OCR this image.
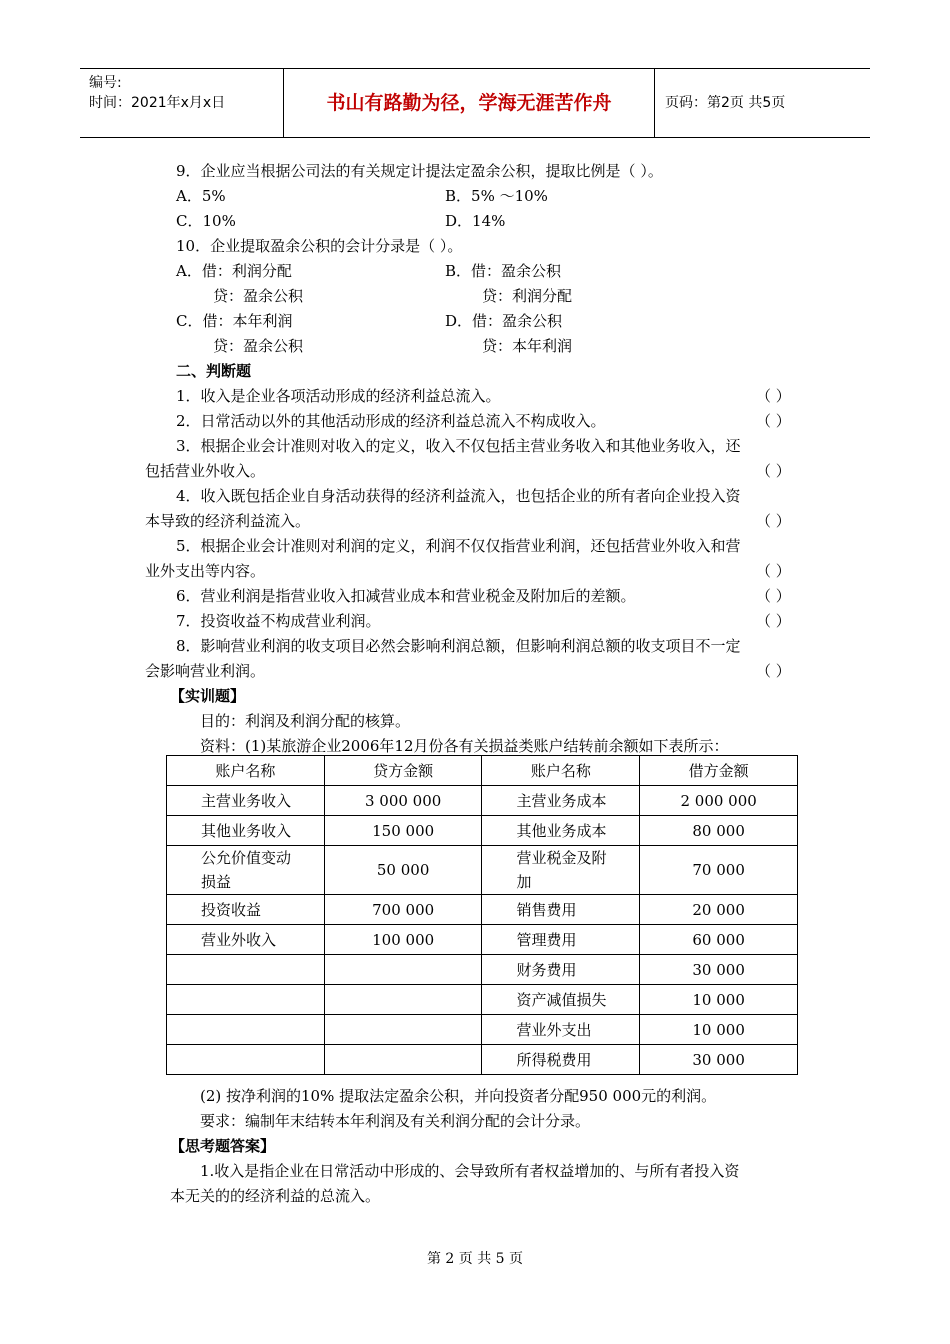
编号:
时间：2021年x月x日	书山有路勤为径，学海无涯苦作舟	页码：第2页 共5页
9．企业应当根据公司法的有关规定计提法定盈余公积，提取比例是（ ）。
A．5%	B．5% ～10%
C．10%	D．14%
10．企业提取盈余公积的会计分录是（ ）。
A．借：利润分配	B．借：盈余公积
贷：盈余公积	贷：利润分配
C．借：本年利润	D．借：盈余公积
贷：盈余公积	贷：本年利润
二、判断题
1．收入是企业各项活动形成的经济利益总流入。	（ ）
2．日常活动以外的其他活动形成的经济利益总流入不构成收入。	（ ）
3．根据企业会计准则对收入的定义，收入不仅包括主营业务收入和其他业务收入，还
包括营业外收入。	（ ）
4．收入既包括企业自身活动获得的经济利益流入，也包括企业的所有者向企业投入资
本导致的经济利益流入。	（ ）
5．根据企业会计准则对利润的定义，利润不仅仅指营业利润，还包括营业外收入和营
业外支出等内容。	（ ）
6．营业利润是指营业收入扣减营业成本和营业税金及附加后的差额。	（ ）
7．投资收益不构成营业利润。	（ ）
8．影响营业利润的收支项目必然会影响利润总额，但影响利润总额的收支项目不一定
会影响营业利润。	（ ）
【实训题】
目的：利润及利润分配的核算。
资料：(1)某旅游企业2006年12月份各有关损益类账户结转前余额如下表所示：
账户名称	贷方金额	账户名称	借方金额
主营业务收入	3 000 000	主营业务成本	2 000 000
其他业务收入	150 000	其他业务成本	80 000
公允价值变动损益	50 000	营业税金及附加	70 000
投资收益	700 000	销售费用	20 000
营业外收入	100 000	管理费用	60 000
		财务费用	30 000
		资产减值损失	10 000
		营业外支出	10 000
		所得税费用	30 000
(2) 按净利润的10% 提取法定盈余公积，并向投资者分配950 000元的利润。
要求：编制年末结转本年利润及有关利润分配的会计分录。
【思考题答案】
1.收入是指企业在日常活动中形成的、会导致所有者权益增加的、与所有者投入资
本无关的的经济利益的总流入。
第 2 页 共 5 页
